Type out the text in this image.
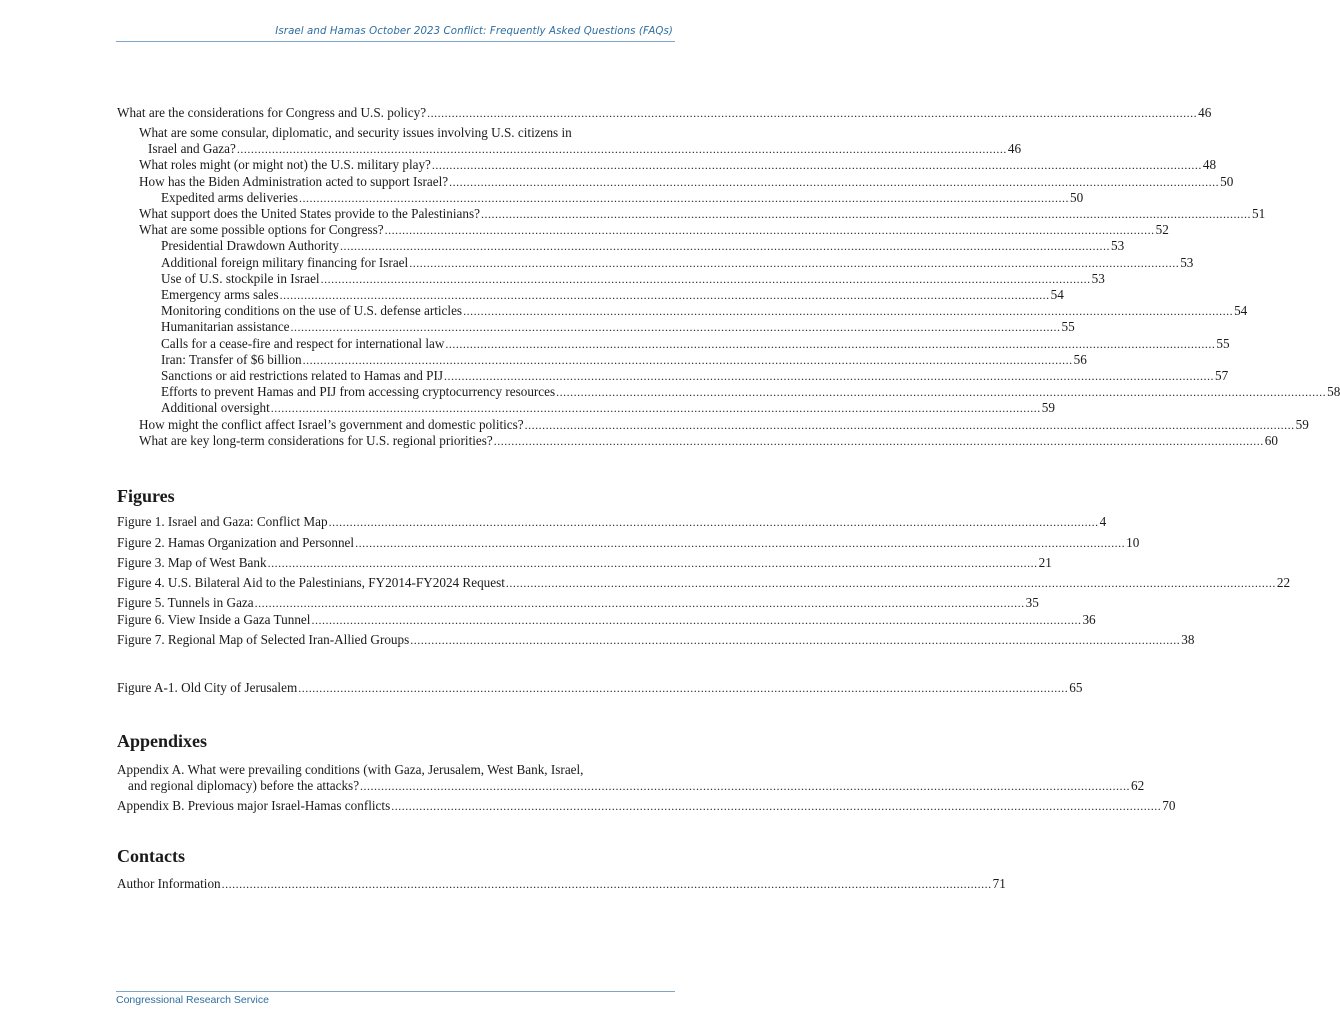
Israel and Hamas October 2023 Conflict: Frequently Asked Questions (FAQs)
What are the considerations for Congress and U.S. policy? ............................................................................................................................................................................................................................ 46
What are some consular, diplomatic, and security issues involving U.S. citizens in
Israel and Gaza? ............................................................................................................................................................................................................................ 46
What roles might (or might not) the U.S. military play? ............................................................................................................................................................................................................................ 48
How has the Biden Administration acted to support Israel? ............................................................................................................................................................................................................................ 50
Expedited arms deliveries ............................................................................................................................................................................................................................ 50
What support does the United States provide to the Palestinians? ............................................................................................................................................................................................................................ 51
What are some possible options for Congress? ............................................................................................................................................................................................................................ 52
Presidential Drawdown Authority ............................................................................................................................................................................................................................ 53
Additional foreign military financing for Israel ............................................................................................................................................................................................................................ 53
Use of U.S. stockpile in Israel ............................................................................................................................................................................................................................ 53
Emergency arms sales ............................................................................................................................................................................................................................ 54
Monitoring conditions on the use of U.S. defense articles ............................................................................................................................................................................................................................ 54
Humanitarian assistance ............................................................................................................................................................................................................................ 55
Calls for a cease-fire and respect for international law ............................................................................................................................................................................................................................ 55
Iran: Transfer of $6 billion ............................................................................................................................................................................................................................ 56
Sanctions or aid restrictions related to Hamas and PIJ ............................................................................................................................................................................................................................ 57
Efforts to prevent Hamas and PIJ from accessing cryptocurrency resources ............................................................................................................................................................................................................................ 58
Additional oversight ............................................................................................................................................................................................................................ 59
How might the conflict affect Israel’s government and domestic politics? ............................................................................................................................................................................................................................ 59
What are key long-term considerations for U.S. regional priorities? ............................................................................................................................................................................................................................ 60
Figures
Figure 1. Israel and Gaza: Conflict Map ............................................................................................................................................................................................................................ 4
Figure 2. Hamas Organization and Personnel ............................................................................................................................................................................................................................ 10
Figure 3. Map of West Bank ............................................................................................................................................................................................................................ 21
Figure 4. U.S. Bilateral Aid to the Palestinians, FY2014-FY2024 Request ............................................................................................................................................................................................................................ 22
Figure 5. Tunnels in Gaza ............................................................................................................................................................................................................................ 35
Figure 6. View Inside a Gaza Tunnel ............................................................................................................................................................................................................................ 36
Figure 7. Regional Map of Selected Iran-Allied Groups ............................................................................................................................................................................................................................ 38
Figure A-1. Old City of Jerusalem ............................................................................................................................................................................................................................ 65
Appendixes
Appendix A. What were prevailing conditions (with Gaza, Jerusalem, West Bank, Israel,
and regional diplomacy) before the attacks? ............................................................................................................................................................................................................................ 62
Appendix B. Previous major Israel-Hamas conflicts ............................................................................................................................................................................................................................ 70
Contacts
Author Information ............................................................................................................................................................................................................................ 71
Congressional Research Service
